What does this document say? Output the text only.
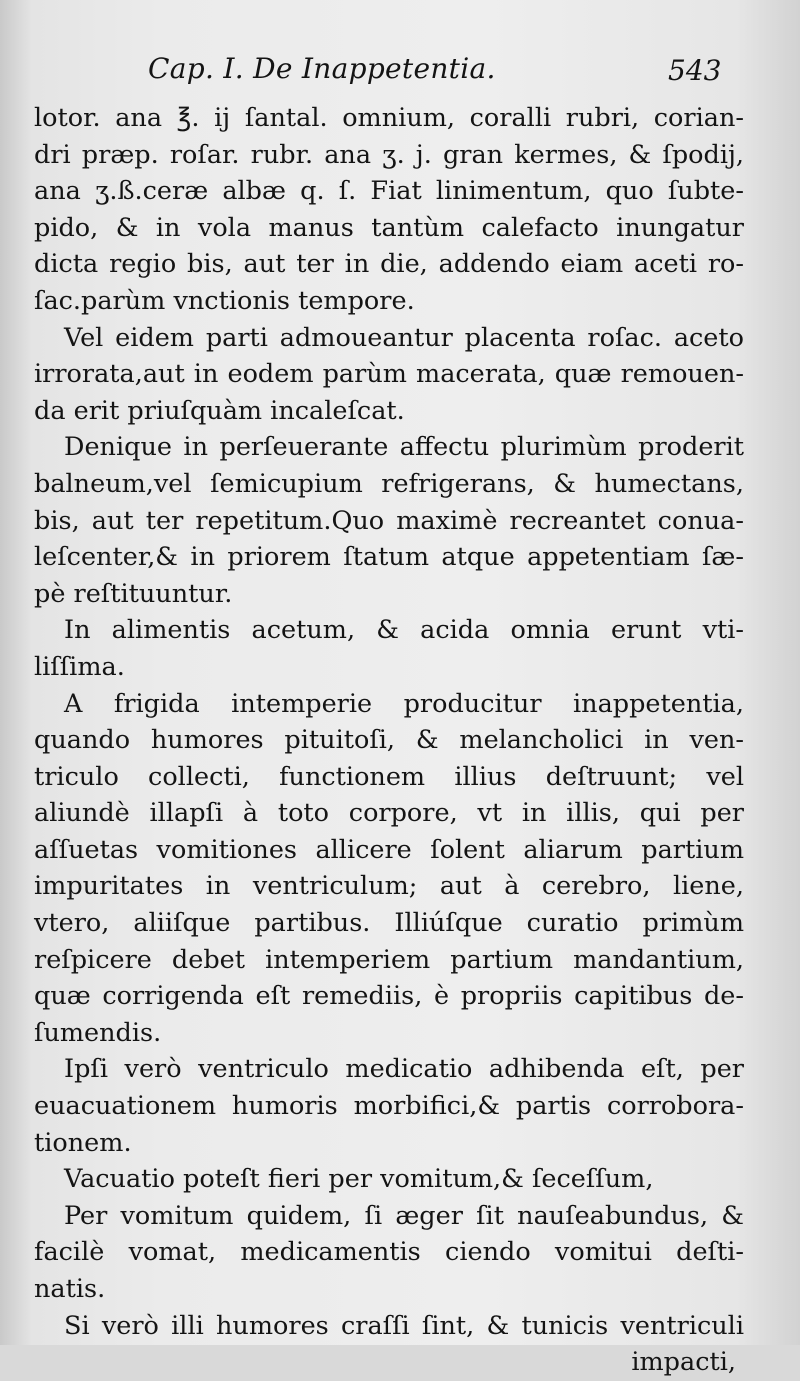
Cap. I. De Inappetentia.	543
lotor. ana ℥. ij ſantal. omnium, coralli rubri, corian-
dri præp. roſar. rubr. ana ʒ. j. gran kermes, & ſpodij,
ana ʒ.ß.ceræ albæ q. ſ. Fiat linimentum, quo ſubte-
pido, & in vola manus tantùm calefacto inungatur
dicta regio bis, aut ter in die, addendo eiam aceti ro-
ſac.parùm vnctionis tempore.
Vel eidem parti admoueantur placenta roſac. aceto
irrorata,aut in eodem parùm macerata, quæ remouen-
da erit priuſquàm incaleſcat.
Denique in perſeuerante affectu plurimùm proderit
balneum,vel ſemicupium refrigerans, & humectans,
bis, aut ter repetitum.Quo maximè recreantet conua-
leſcenter,& in priorem ſtatum atque appetentiam ſæ-
pè reſtituuntur.
In alimentis acetum, & acida omnia erunt vti-
liſſima.
A frigida intemperie producitur inappetentia,
quando humores pituitoſi, & melancholici in ven-
triculo collecti, functionem illius deſtruunt; vel
aliundè illapſi à toto corpore, vt in illis, qui per
aſſuetas vomitiones allicere ſolent aliarum partium
impuritates in ventriculum; aut à cerebro, liene,
vtero, aliiſque partibus. Illiúſque curatio primùm
reſpicere debet intemperiem partium mandantium,
quæ corrigenda eſt remediis, è propriis capitibus de-
ſumendis.
Ipſi verò ventriculo medicatio adhibenda eſt, per
euacuationem humoris morbifici,& partis corrobora-
tionem.
Vacuatio poteſt fieri per vomitum,& ſeceſſum,
Per vomitum quidem, ſi æger ſit nauſeabundus, &
facilè vomat, medicamentis ciendo vomitui deſti-
natis.
Si verò illi humores craſſi ſint, & tunicis ventriculi
impacti,
